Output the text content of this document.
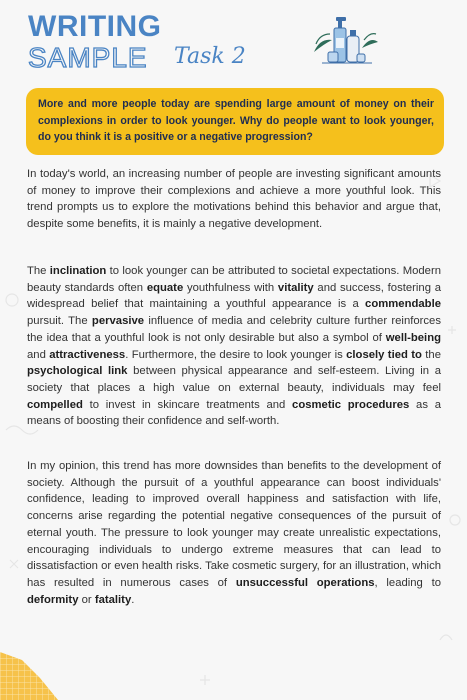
WRITING
SAMPLE Task 2

More and more people today are spending large amount of money on their complexions in order to look younger. Why do people want to look younger, do you think it is a positive or a negative progression?

In today's world, an increasing number of people are investing significant amounts of money to improve their complexions and achieve a more youthful look. This trend prompts us to explore the motivations behind this behavior and argue that, despite some benefits, it is mainly a negative development.

The inclination to look younger can be attributed to societal expectations. Modern beauty standards often equate youthfulness with vitality and success, fostering a widespread belief that maintaining a youthful appearance is a commendable pursuit. The pervasive influence of media and celebrity culture further reinforces the idea that a youthful look is not only desirable but also a symbol of well-being and attractiveness. Furthermore, the desire to look younger is closely tied to the psychological link between physical appearance and self-esteem. Living in a society that places a high value on external beauty, individuals may feel compelled to invest in skincare treatments and cosmetic procedures as a means of boosting their confidence and self-worth.

In my opinion, this trend has more downsides than benefits to the development of society. Although the pursuit of a youthful appearance can boost individuals' confidence, leading to improved overall happiness and satisfaction with life, concerns arise regarding the potential negative consequences of the pursuit of eternal youth. The pressure to look younger may create unrealistic expectations, encouraging individuals to undergo extreme measures that can lead to dissatisfaction or even health risks. Take cosmetic surgery, for an illustration, which has resulted in numerous cases of unsuccessful operations, leading to deformity or fatality.
